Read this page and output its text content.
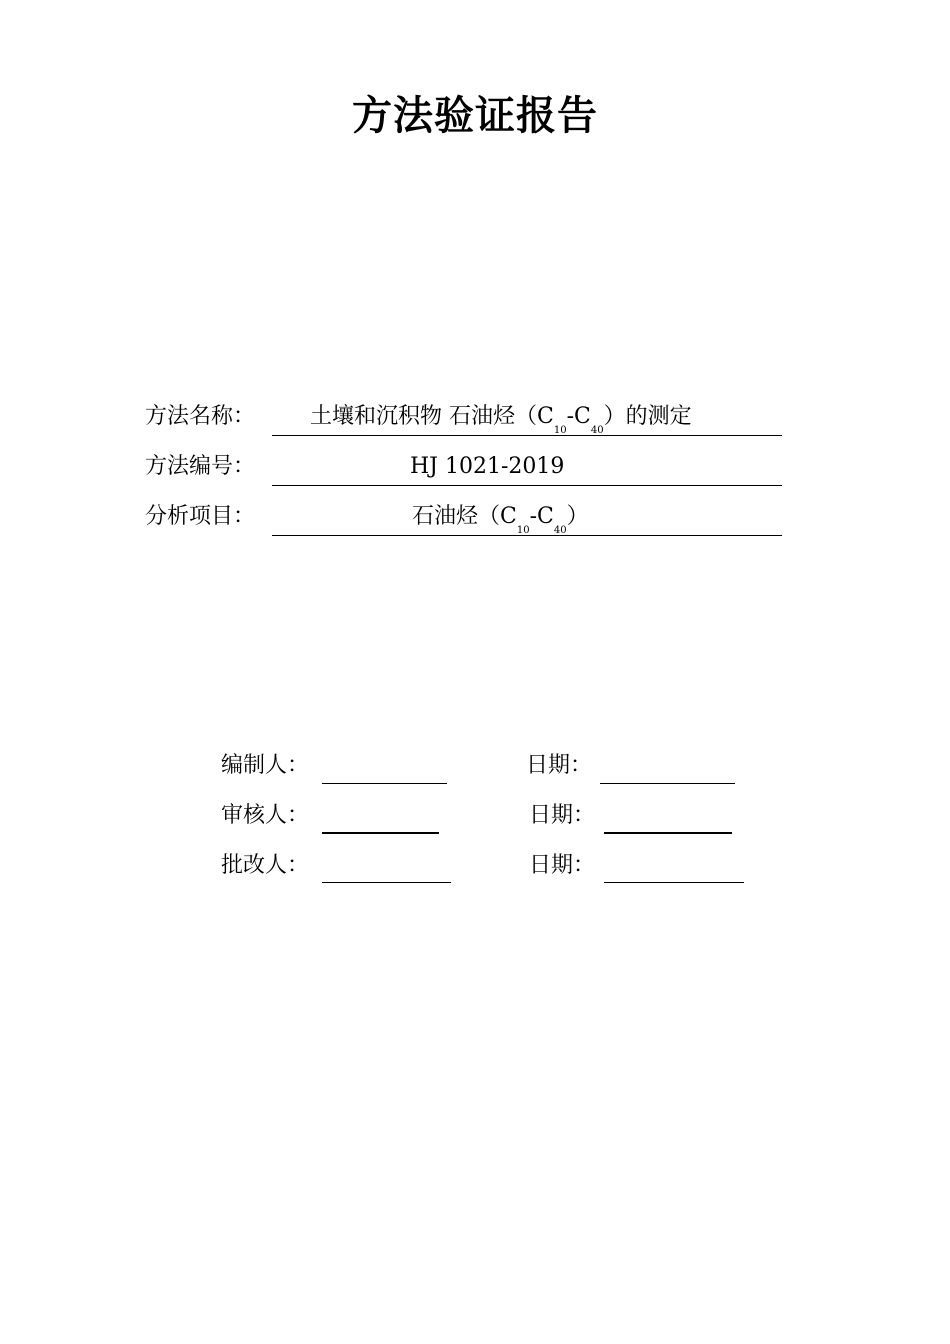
方法验证报告
方法名称： 土壤和沉积物 石油烃$(C_{10}-C_{40})$的测定
方法编号：	HJ 1021-2019
分析项目：	石油烃$(C_{10}-C_{40})$
编制人：	日期：
审核人：	日期：
批改人：	日期：
